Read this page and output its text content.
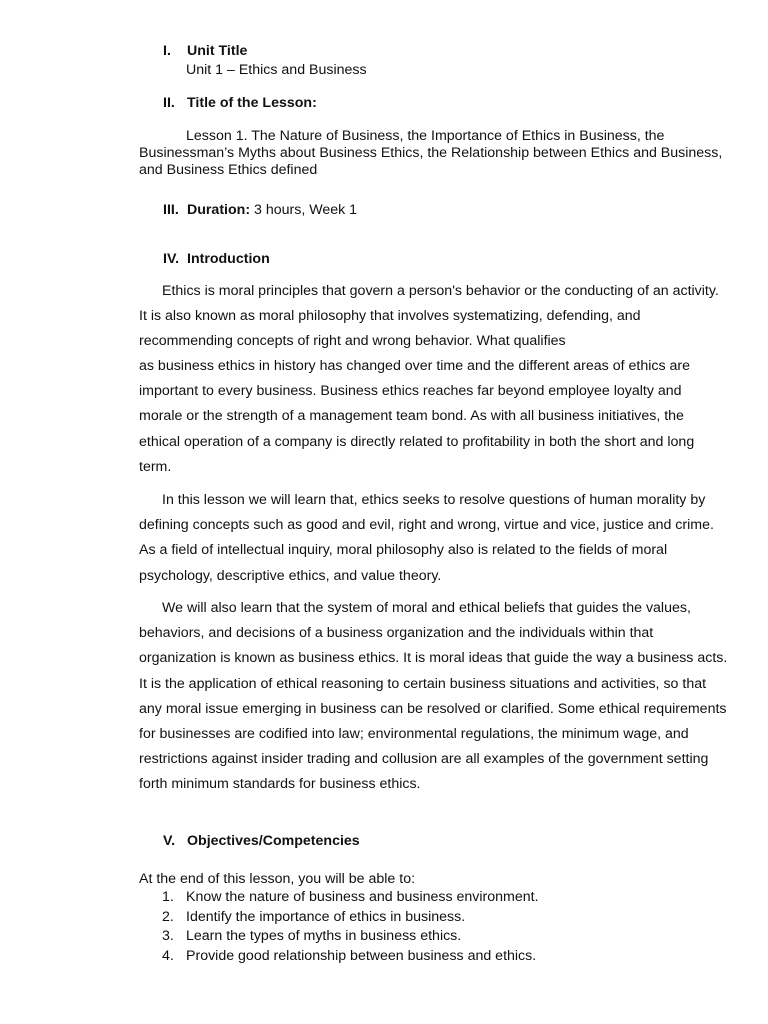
I. Unit Title
Unit 1 – Ethics and Business
II. Title of the Lesson:

Lesson 1. The Nature of Business, the Importance of Ethics in Business, the Businessman’s Myths about Business Ethics, the Relationship between Ethics and Business, and Business Ethics defined

III. Duration: 3 hours, Week 1
IV. Introduction

Ethics is moral principles that govern a person's behavior or the conducting of an activity. It is also known as moral philosophy that involves systematizing, defending, and recommending concepts of right and wrong behavior. What qualifies

as business ethics in history has changed over time and the different areas of ethics are important to every business. Business ethics reaches far beyond employee loyalty and morale or the strength of a management team bond. As with all business initiatives, the ethical operation of a company is directly related to profitability in both the short and long term.

In this lesson we will learn that, ethics seeks to resolve questions of human morality by defining concepts such as good and evil, right and wrong, virtue and vice, justice and crime. As a field of intellectual inquiry, moral philosophy also is related to the fields of moral psychology, descriptive ethics, and value theory.

We will also learn that the system of moral and ethical beliefs that guides the values, behaviors, and decisions of a business organization and the individuals within that organization is known as business ethics. It is moral ideas that guide the way a business acts. It is the application of ethical reasoning to certain business situations and activities, so that any moral issue emerging in business can be resolved or clarified. Some ethical requirements for businesses are codified into law; environmental regulations, the minimum wage, and restrictions against insider trading and collusion are all examples of the government setting forth minimum standards for business ethics.

V. Objectives/Competencies
At the end of this lesson, you will be able to:
1. Know the nature of business and business environment.
2. Identify the importance of ethics in business.
3. Learn the types of myths in business ethics.
4. Provide good relationship between business and ethics.
